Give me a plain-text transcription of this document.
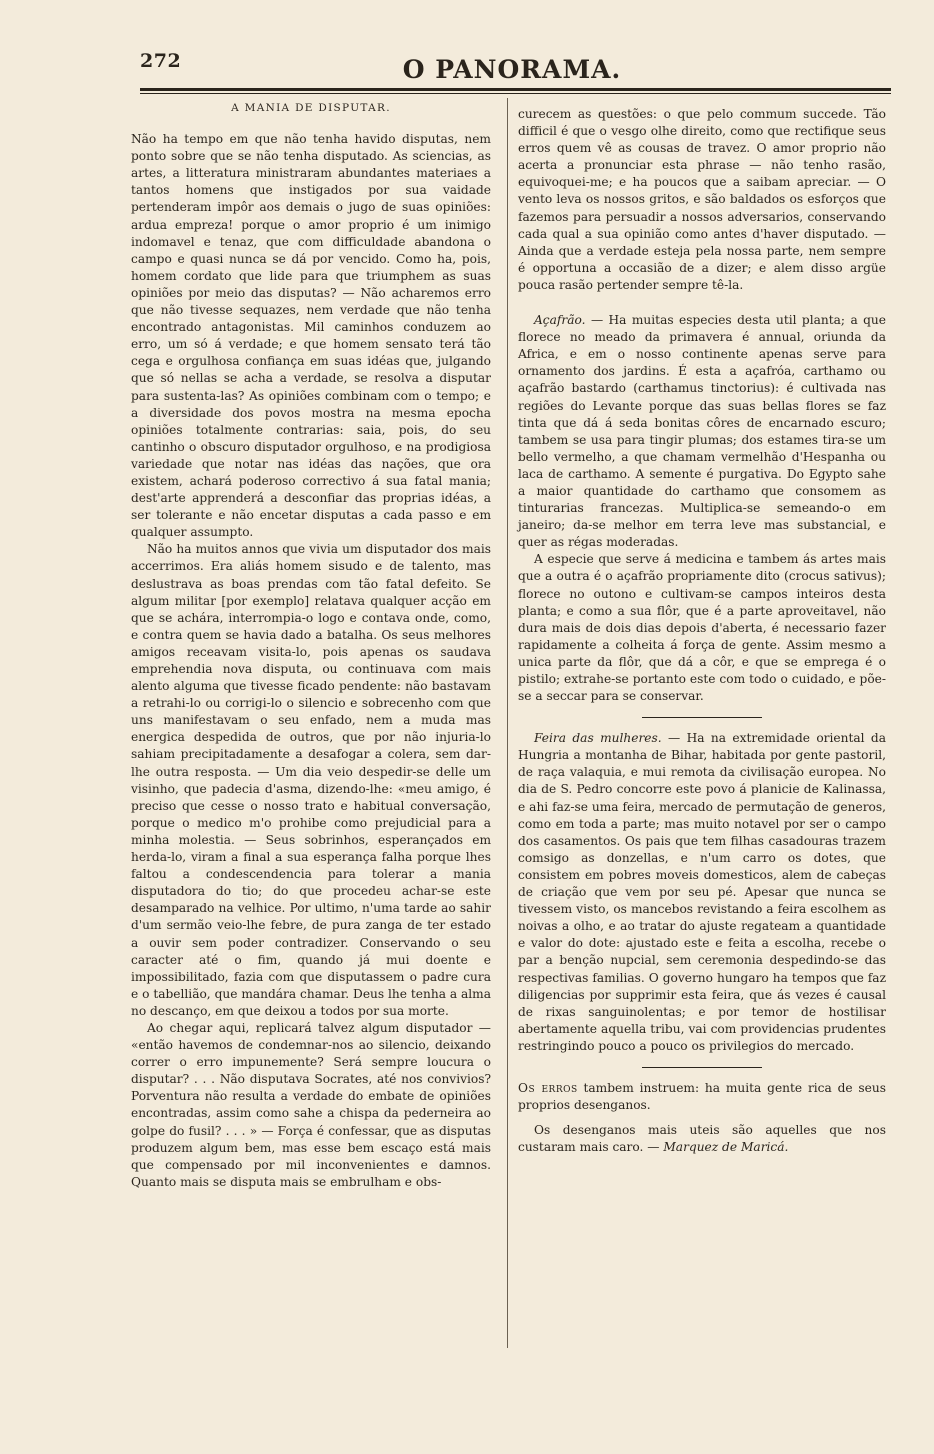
272	O PANORAMA.
A MANIA DE DISPUTAR.

Não ha tempo em que não tenha havido disputas, nem ponto sobre que se não tenha disputado. As sciencias, as artes, a litteratura ministraram abundantes materiaes a tantos homens que instigados por sua vaidade pertenderam impôr aos demais o jugo de suas opiniões: ardua empreza! porque o amor proprio é um inimigo indomavel e tenaz, que com difficuldade abandona o campo e quasi nunca se dá por vencido. Como ha, pois, homem cordato que lide para que triumphem as suas opiniões por meio das disputas? — Não acharemos erro que não tivesse sequazes, nem verdade que não tenha encontrado antagonistas. Mil caminhos conduzem ao erro, um só á verdade; e que homem sensato terá tão cega e orgulhosa confiança em suas idéas que, julgando que só nellas se acha a verdade, se resolva a disputar para sustenta-las? As opiniões combinam com o tempo; e a diversidade dos povos mostra na mesma epocha opiniões totalmente contrarias: saia, pois, do seu cantinho o obscuro disputador orgulhoso, e na prodigiosa variedade que notar nas idéas das nações, que ora existem, achará poderoso correctivo á sua fatal mania; dest'arte apprenderá a desconfiar das proprias idéas, a ser tolerante e não encetar disputas a cada passo e em qualquer assumpto.

Não ha muitos annos que vivia um disputador dos mais accerrimos. Era aliás homem sisudo e de talento, mas deslustrava as boas prendas com tão fatal defeito. Se algum militar [por exemplo] relatava qualquer acção em que se achára, interrompia-o logo e contava onde, como, e contra quem se havia dado a batalha. Os seus melhores amigos receavam visita-lo, pois apenas os saudava emprehendia nova disputa, ou continuava com mais alento alguma que tivesse ficado pendente: não bastavam a retrahi-lo ou corrigi-lo o silencio e sobrecenho com que uns manifestavam o seu enfado, nem a muda mas energica despedida de outros, que por não injuria-lo sahiam precipitadamente a desafogar a colera, sem dar-lhe outra resposta. — Um dia veio despedir-se delle um visinho, que padecia d'asma, dizendo-lhe: «meu amigo, é preciso que cesse o nosso trato e habitual conversação, porque o medico m'o prohibe como prejudicial para a minha molestia. — Seus sobrinhos, esperançados em herda-lo, viram a final a sua esperança falha porque lhes faltou a condescendencia para tolerar a mania disputadora do tio; do que procedeu achar-se este desamparado na velhice. Por ultimo, n'uma tarde ao sahir d'um sermão veio-lhe febre, de pura zanga de ter estado a ouvir sem poder contradizer. Conservando o seu caracter até o fim, quando já mui doente e impossibilitado, fazia com que disputassem o padre cura e o tabellião, que mandára chamar. Deus lhe tenha a alma no descanço, em que deixou a todos por sua morte.

Ao chegar aqui, replicará talvez algum disputador — «então havemos de condemnar-nos ao silencio, deixando correr o erro impunemente? Será sempre loucura o disputar? . . . Não disputava Socrates, até nos convivios? Porventura não resulta a verdade do embate de opiniões encontradas, assim como sahe a chispa da pederneira ao golpe do fusil? . . . » — Força é confessar, que as disputas produzem algum bem, mas esse bem escaço está mais que compensado por mil inconvenientes e damnos. Quanto mais se disputa mais se embrulham e obs-

curecem as questões: o que pelo commum succede. Tão difficil é que o vesgo olhe direito, como que rectifique seus erros quem vê as cousas de travez. O amor proprio não acerta a pronunciar esta phrase — não tenho rasão, equivoquei-me; e ha poucos que a saibam apreciar. — O vento leva os nossos gritos, e são baldados os esforços que fazemos para persuadir a nossos adversarios, conservando cada qual a sua opinião como antes d'haver disputado. — Ainda que a verdade esteja pela nossa parte, nem sempre é opportuna a occasião de a dizer; e alem disso argüe pouca rasão pertender sempre tê-la.

Açafrão. — Ha muitas especies desta util planta; a que florece no meado da primavera é annual, oriunda da Africa, e em o nosso continente apenas serve para ornamento dos jardins. É esta a açafróa, carthamo ou açafrão bastardo (carthamus tinctorius): é cultivada nas regiões do Levante porque das suas bellas flores se faz tinta que dá á seda bonitas côres de encarnado escuro; tambem se usa para tingir plumas; dos estames tira-se um bello vermelho, a que chamam vermelhão d'Hespanha ou laca de carthamo. A semente é purgativa. Do Egypto sahe a maior quantidade do carthamo que consomem as tinturarias francezas. Multiplica-se semeando-o em janeiro; da-se melhor em terra leve mas substancial, e quer as régas moderadas.

A especie que serve á medicina e tambem ás artes mais que a outra é o açafrão propriamente dito (crocus sativus); florece no outono e cultivam-se campos inteiros desta planta; e como a sua flôr, que é a parte aproveitavel, não dura mais de dois dias depois d'aberta, é necessario fazer rapidamente a colheita á força de gente. Assim mesmo a unica parte da flôr, que dá a côr, e que se emprega é o pistilo; extrahe-se portanto este com todo o cuidado, e põe-se a seccar para se conservar.

Feira das mulheres. — Ha na extremidade oriental da Hungria a montanha de Bihar, habitada por gente pastoril, de raça valaquia, e mui remota da civilisação europea. No dia de S. Pedro concorre este povo á planicie de Kalinassa, e ahi faz-se uma feira, mercado de permutação de generos, como em toda a parte; mas muito notavel por ser o campo dos casamentos. Os pais que tem filhas casadouras trazem comsigo as donzellas, e n'um carro os dotes, que consistem em pobres moveis domesticos, alem de cabeças de criação que vem por seu pé. Apesar que nunca se tivessem visto, os mancebos revistando a feira escolhem as noivas a olho, e ao tratar do ajuste regateam a quantidade e valor do dote: ajustado este e feita a escolha, recebe o par a benção nupcial, sem ceremonia despedindo-se das respectivas familias. O governo hungaro ha tempos que faz diligencias por supprimir esta feira, que ás vezes é causal de rixas sanguinolentas; e por temor de hostilisar abertamente aquella tribu, vai com providencias prudentes restringindo pouco a pouco os privilegios do mercado.

Os erros tambem instruem: ha muita gente rica de seus proprios desenganos.

Os desenganos mais uteis são aquelles que nos custaram mais caro. — Marquez de Maricá.
